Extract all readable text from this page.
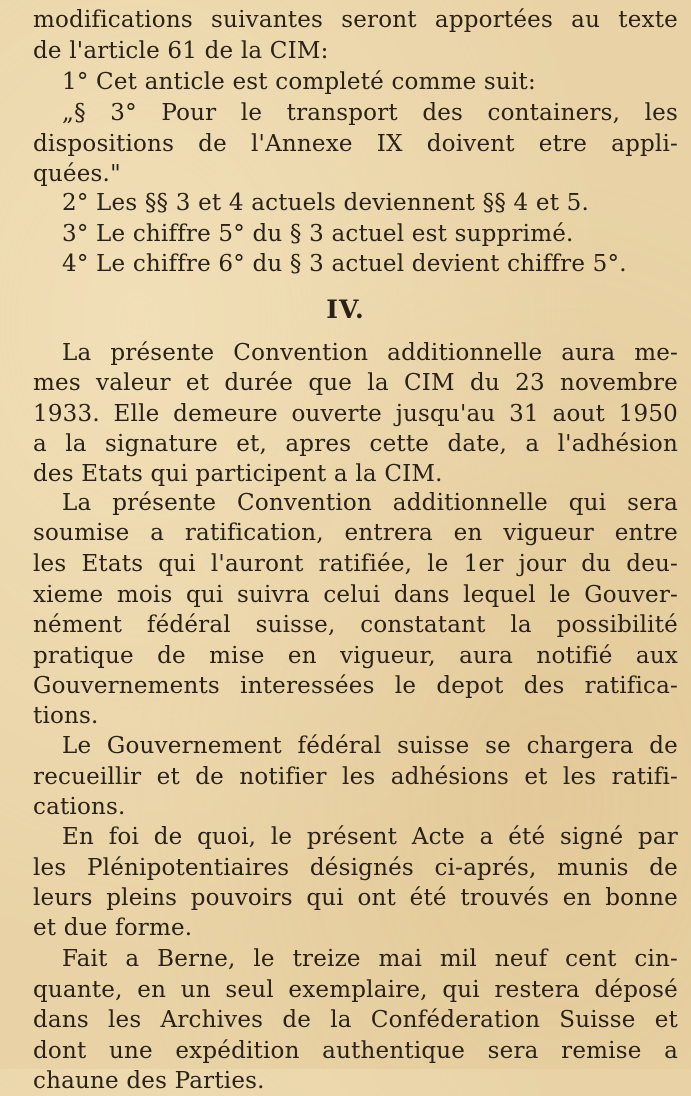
modifications suivantes seront apportées au texte
de l'article 61 de la CIM:
1° Cet anticle est completé comme suit:
„§ 3° Pour le transport des containers, les
dispositions de l'Annexe IX doivent etre appli-
quées."
2° Les §§ 3 et 4 actuels deviennent §§ 4 et 5.
3° Le chiffre 5° du § 3 actuel est supprimé.
4° Le chiffre 6° du § 3 actuel devient chiffre 5°.
IV.
La présente Convention additionnelle aura me-
mes valeur et durée que la CIM du 23 novembre
1933. Elle demeure ouverte jusqu'au 31 aout 1950
a la signature et, apres cette date, a l'adhésion
des Etats qui participent a la CIM.
La présente Convention additionnelle qui sera
soumise a ratification, entrera en vigueur entre
les Etats qui l'auront ratifiée, le 1er jour du deu-
xieme mois qui suivra celui dans lequel le Gouver-
nément fédéral suisse, constatant la possibilité
pratique de mise en vigueur, aura notifié aux
Gouvernements interessées le depot des ratifica-
tions.
Le Gouvernement fédéral suisse se chargera de
recueillir et de notifier les adhésions et les ratifi-
cations.
En foi de quoi, le présent Acte a été signé par
les Plénipotentiaires désignés ci-aprés, munis de
leurs pleins pouvoirs qui ont été trouvés en bonne
et due forme.
Fait a Berne, le treize mai mil neuf cent cin-
quante, en un seul exemplaire, qui restera déposé
dans les Archives de la Conféderation Suisse et
dont une expédition authentique sera remise a
chaune des Parties.
